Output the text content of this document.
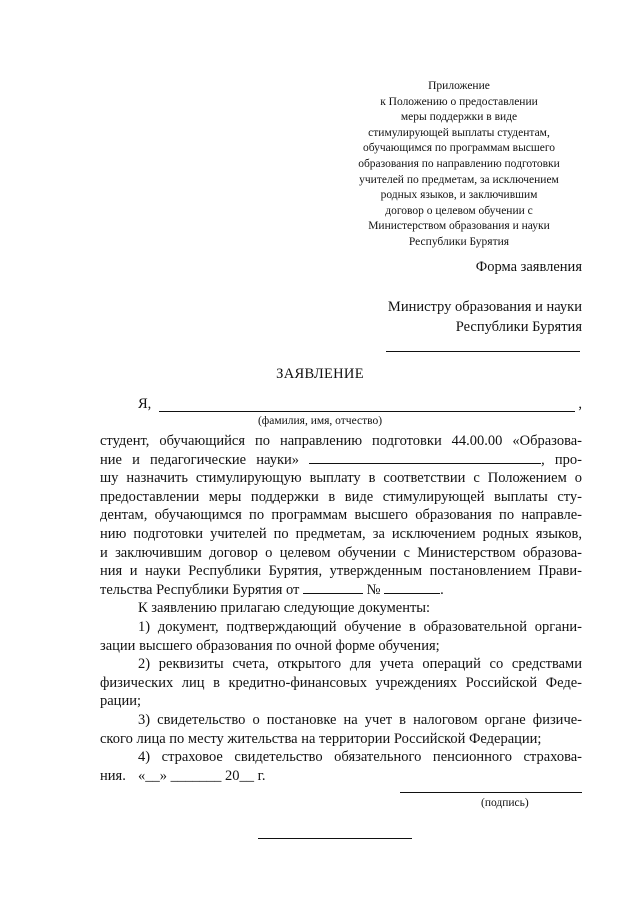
Приложение
к Положению о предоставлении
меры поддержки в виде
стимулирующей выплаты студентам,
обучающимся по программам высшего
образования по направлению подготовки
учителей по предметам, за исключением
родных языков, и заключившим
договор о целевом обучении с
Министерством образования и науки
Республики Бурятия
Форма заявления
Министру образования и науки
Республики Бурятия
ЗАЯВЛЕНИЕ
Я,	,
(фамилия, имя, отчество)

студент, обучающийся по направлению подготовки 44.00.00 «Образова-

ние и педагогические науки»	, про-

шу назначить стимулирующую выплату в соответствии с Положением о

предоставлении меры поддержки в виде стимулирующей выплаты сту-

дентам, обучающимся по программам высшего образования по направле-

нию подготовки учителей по предметам, за исключением родных языков,

и заключившим договор о целевом обучении с Министерством образова-

ния и науки Республики Бурятия, утвержденным постановлением Прави-

тельства Республики Бурятия от	№	.

К заявлению прилагаю следующие документы:

1) документ, подтверждающий обучение в образовательной органи-

зации высшего образования по очной форме обучения;

2) реквизиты счета, открытого для учета операций со средствами

физических лиц в кредитно-финансовых учреждениях Российской Феде-

рации;

3) свидетельство о постановке на учет в налоговом органе физиче-

ского лица по месту жительства на территории Российской Федерации;

4) страховое свидетельство обязательного пенсионного страхова-

ния. «__» _______ 20__ г.
(подпись)
